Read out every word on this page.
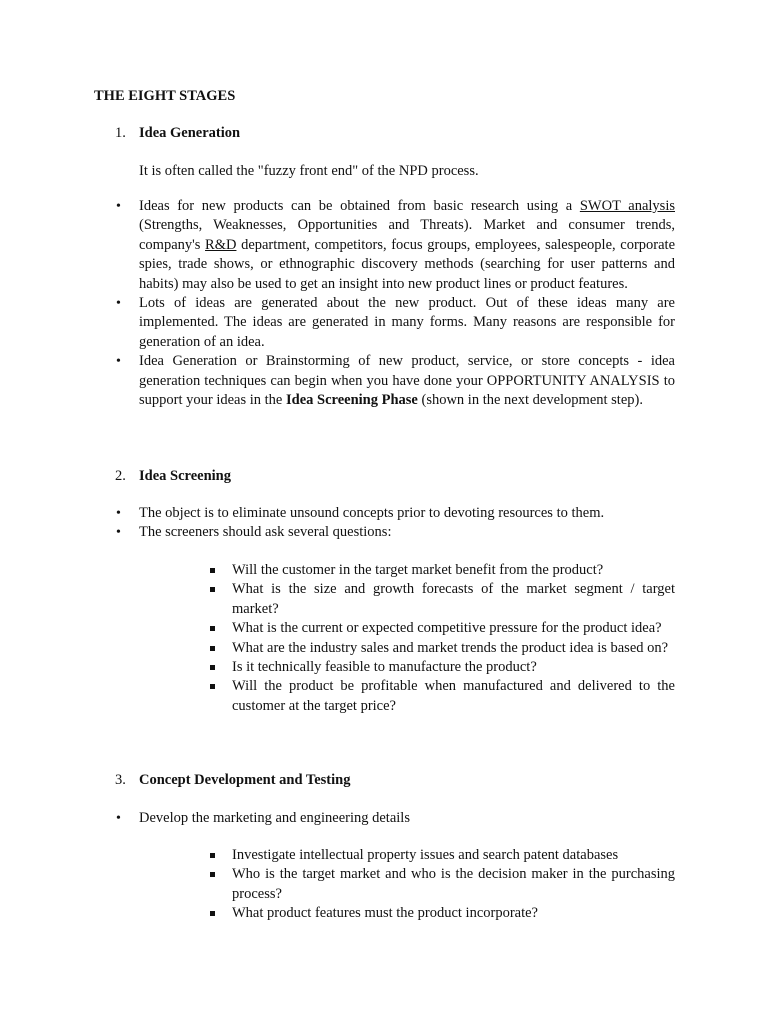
THE EIGHT STAGES

1. Idea Generation

It is often called the "fuzzy front end" of the NPD process.

• Ideas for new products can be obtained from basic research using a SWOT analysis (Strengths, Weaknesses, Opportunities and Threats). Market and consumer trends, company's R&D department, competitors, focus groups, employees, salespeople, corporate spies, trade shows, or ethnographic discovery methods (searching for user patterns and habits) may also be used to get an insight into new product lines or product features.
• Lots of ideas are generated about the new product. Out of these ideas many are implemented. The ideas are generated in many forms. Many reasons are responsible for generation of an idea.
• Idea Generation or Brainstorming of new product, service, or store concepts - idea generation techniques can begin when you have done your OPPORTUNITY ANALYSIS to support your ideas in the Idea Screening Phase (shown in the next development step).

2. Idea Screening

• The object is to eliminate unsound concepts prior to devoting resources to them.
• The screeners should ask several questions:
Will the customer in the target market benefit from the product?
What is the size and growth forecasts of the market segment / target market?
What is the current or expected competitive pressure for the product idea?
What are the industry sales and market trends the product idea is based on?
Is it technically feasible to manufacture the product?
Will the product be profitable when manufactured and delivered to the customer at the target price?

3. Concept Development and Testing

• Develop the marketing and engineering details
Investigate intellectual property issues and search patent databases
Who is the target market and who is the decision maker in the purchasing process?
What product features must the product incorporate?
